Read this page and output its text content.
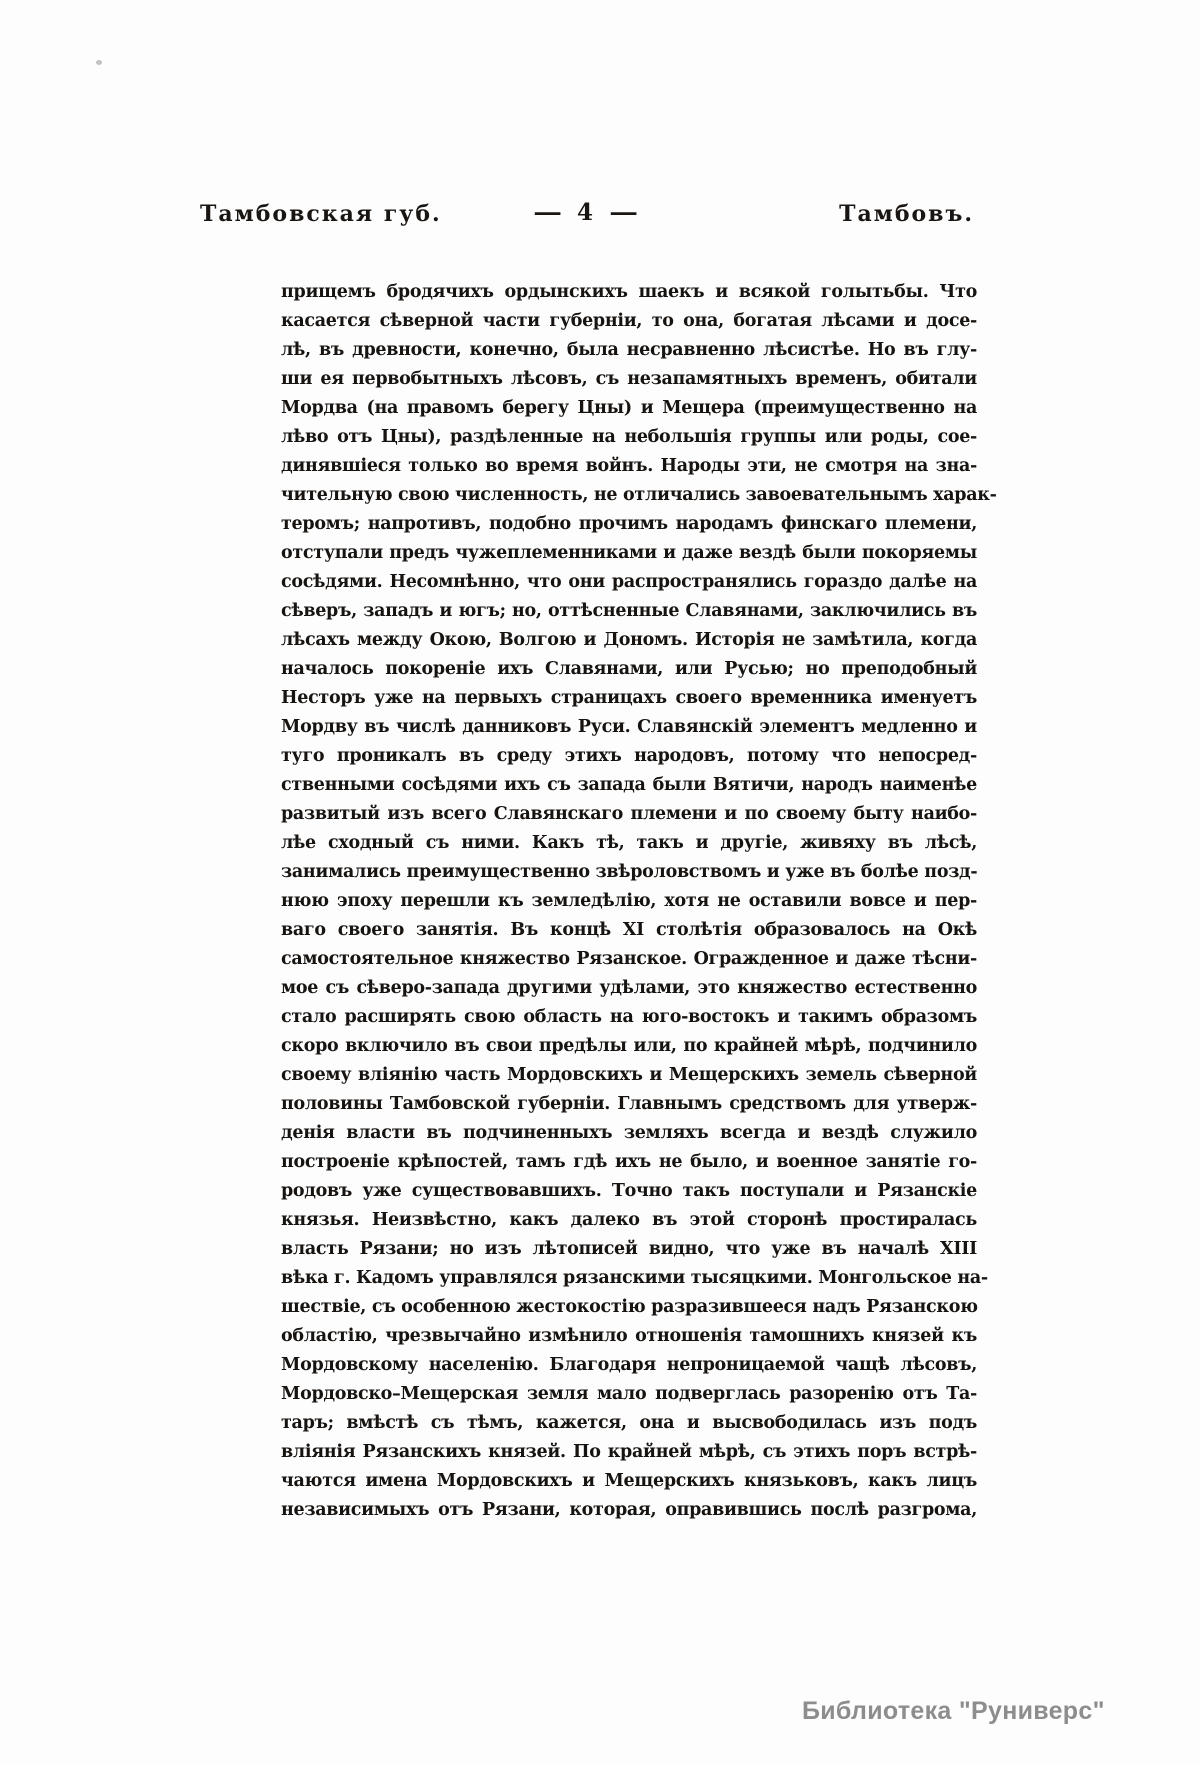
Тамбовская губ.	— 4 —	Тамбовъ.
прищемъ бродячихъ ордынскихъ шаекъ и всякой голытьбы. Что
касается сѣверной части губерніи, то она, богатая лѣсами и досе-
лѣ, въ древности, конечно, была несравненно лѣсистѣе. Но въ глу-
ши ея первобытныхъ лѣсовъ, съ незапамятныхъ временъ, обитали
Мордва (на правомъ берегу Цны) и Мещера (преимущественно на
лѣво отъ Цны), раздѣленные на небольшія группы или роды, сое-
динявшіеся только во время войнъ. Народы эти, не смотря на зна-
чительную свою численность, не отличались завоевательнымъ харак-
теромъ; напротивъ, подобно прочимъ народамъ финскаго племени,
отступали предъ чужеплеменниками и даже вездѣ были покоряемы
сосѣдями. Несомнѣнно, что они распространялись гораздо далѣе на
сѣверъ, западъ и югъ; но, оттѣсненные Славянами, заключились въ
лѣсахъ между Окою, Волгою и Дономъ. Исторія не замѣтила, когда
началось покореніе ихъ Славянами, или Русью; но преподобный
Несторъ уже на первыхъ страницахъ своего временника именуетъ
Мордву въ числѣ данниковъ Руси. Славянскій элементъ медленно и
туго проникалъ въ среду этихъ народовъ, потому что непосред-
ственными сосѣдями ихъ съ запада были Вятичи, народъ наименѣе
развитый изъ всего Славянскаго племени и по своему быту наибо-
лѣе сходный съ ними. Какъ тѣ, такъ и другіе, живяху въ лѣсѣ,
занимались преимущественно звѣроловствомъ и уже въ болѣе позд-
нюю эпоху перешли къ земледѣлію, хотя не оставили вовсе и пер-
ваго своего занятія. Въ концѣ XI столѣтія образовалось на Окѣ
самостоятельное княжество Рязанское. Огражденное и даже тѣсни-
мое съ сѣверо-запада другими удѣлами, это княжество естественно
стало расширять свою область на юго-востокъ и такимъ образомъ
скоро включило въ свои предѣлы или, по крайней мѣрѣ, подчинило
своему вліянію часть Мордовскихъ и Мещерскихъ земель сѣверной
половины Тамбовской губерніи. Главнымъ средствомъ для утверж-
денія власти въ подчиненныхъ земляхъ всегда и вездѣ служило
построеніе крѣпостей, тамъ гдѣ ихъ не было, и военное занятіе го-
родовъ уже существовавшихъ. Точно такъ поступали и Рязанскіе
князья. Неизвѣстно, какъ далеко въ этой сторонѣ простиралась
власть Рязани; но изъ лѣтописей видно, что уже въ началѣ XIII
вѣка г. Кадомъ управлялся рязанскими тысяцкими. Монгольское на-
шествіе, съ особенною жестокостію разразившееся надъ Рязанскою
областію, чрезвычайно измѣнило отношенія тамошнихъ князей къ
Мордовскому населенію. Благодаря непроницаемой чащѣ лѣсовъ,
Мордовско–Мещерская земля мало подверглась разоренію отъ Та-
таръ; вмѣстѣ съ тѣмъ, кажется, она и высвободилась изъ подъ
вліянія Рязанскихъ князей. По крайней мѣрѣ, съ этихъ поръ встрѣ-
чаются имена Мордовскихъ и Мещерскихъ князьковъ, какъ лицъ
независимыхъ отъ Рязани, которая, оправившись послѣ разгрома,
Библиотека "Руниверс"
